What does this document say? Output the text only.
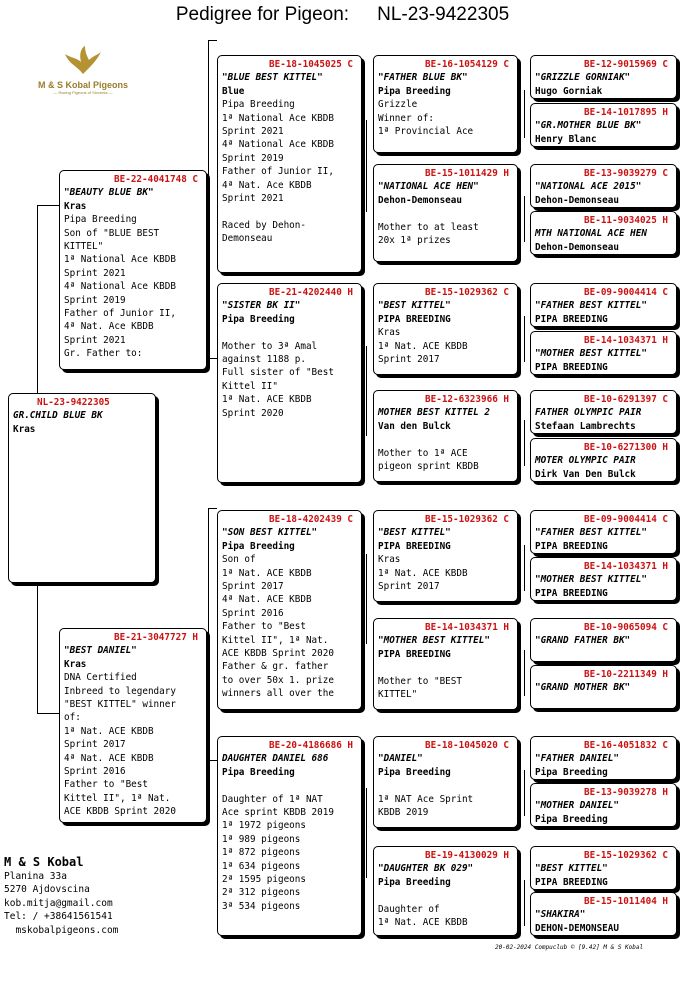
Pedigree for Pigeon: NL-23-9422305
M & S Kobal Pigeons
— Racing Pigeons of Slovenia —
NL-23-9422305
GR.CHILD BLUE BK
Kras
BE-22-4041748 C
"BEAUTY BLUE BK"
Kras
Pipa Breeding
Son of "BLUE BEST
KITTEL"
1ª National Ace KBDB
Sprint 2021
4ª National Ace KBDB
Sprint 2019
Father of Junior II,
4ª Nat. Ace KBDB
Sprint 2021
Gr. Father to:
BE-21-3047727 H
"BEST DANIEL"
Kras
DNA Certified
Inbreed to legendary
"BEST KITTEL" winner
of:
1ª Nat. ACE KBDB
Sprint 2017
4ª Nat. ACE KBDB
Sprint 2016
Father to "Best
Kittel II", 1ª Nat.
ACE KBDB Sprint 2020
BE-18-1045025 C
"BLUE BEST KITTEL"
Blue
Pipa Breeding
1ª National Ace KBDB
Sprint 2021
4ª National Ace KBDB
Sprint 2019
Father of Junior II,
4ª Nat. Ace KBDB
Sprint 2021
Raced by Dehon-
Demonseau
BE-21-4202440 H
"SISTER BK II"
Pipa Breeding
Mother to 3ª Amal
against 1188 p.
Full sister of "Best
Kittel II"
1ª Nat. ACE KBDB
Sprint 2020
BE-18-4202439 C
"SON BEST KITTEL"
Pipa Breeding
Son of
1ª Nat. ACE KBDB
Sprint 2017
4ª Nat. ACE KBDB
Sprint 2016
Father to "Best
Kittel II", 1ª Nat.
ACE KBDB Sprint 2020
Father & gr. father
to over 50x 1. prize
winners all over the
BE-20-4186686 H
DAUGHTER DANIEL 686
Pipa Breeding
Daughter of 1ª NAT
Ace sprint KBDB 2019
1ª 1972 pigeons
1ª 989 pigeons
1ª 872 pigeons
1ª 634 pigeons
2ª 1595 pigeons
2ª 312 pigeons
3ª 534 pigeons
BE-16-1054129 C
"FATHER BLUE BK"
Pipa Breeding
Grizzle
Winner of:
1ª Provincial Ace
BE-15-1011429 H
"NATIONAL ACE HEN"
Dehon-Demonseau
Mother to at least
20x 1ª prizes
BE-15-1029362 C
"BEST KITTEL"
PIPA BREEDING
Kras
1ª Nat. ACE KBDB
Sprint 2017
BE-12-6323966 H
MOTHER BEST KITTEL 2
Van den Bulck
Mother to 1ª ACE
pigeon sprint KBDB
BE-15-1029362 C
"BEST KITTEL"
PIPA BREEDING
Kras
1ª Nat. ACE KBDB
Sprint 2017
BE-14-1034371 H
"MOTHER BEST KITTEL"
PIPA BREEDING
Mother to "BEST
KITTEL"
BE-18-1045020 C
"DANIEL"
Pipa Breeding
1ª NAT Ace Sprint
KBDB 2019
BE-19-4130029 H
"DAUGHTER BK 029"
Pipa Breeding
Daughter of
1ª Nat. ACE KBDB
BE-12-9015969 C
"GRIZZLE GORNIAK"
Hugo Gorniak
BE-14-1017895 H
"GR.MOTHER BLUE BK"
Henry Blanc
BE-13-9039279 C
"NATIONAL ACE 2015"
Dehon-Demonseau
BE-11-9034025 H
MTH NATIONAL ACE HEN
Dehon-Demonseau
BE-09-9004414 C
"FATHER BEST KITTEL"
PIPA BREEDING
BE-14-1034371 H
"MOTHER BEST KITTEL"
PIPA BREEDING
BE-10-6291397 C
FATHER OLYMPIC PAIR
Stefaan Lambrechts
BE-10-6271300 H
MOTER OLYMPIC PAIR
Dirk Van Den Bulck
BE-09-9004414 C
"FATHER BEST KITTEL"
PIPA BREEDING
BE-14-1034371 H
"MOTHER BEST KITTEL"
PIPA BREEDING
BE-10-9065094 C
"GRAND FATHER BK"
BE-10-2211349 H
"GRAND MOTHER BK"
BE-16-4051832 C
"FATHER DANIEL"
Pipa Breeding
BE-13-9039278 H
"MOTHER DANIEL"
Pipa Breeding
BE-15-1029362 C
"BEST KITTEL"
PIPA BREEDING
BE-15-1011404 H
"SHAKIRA"
DEHON-DEMONSEAU
M & S Kobal
Planina 33a
5270 Ajdovscina
kob.mitja@gmail.com
Tel: / +38641561541
mskobalpigeons.com
20-02-2024 Compuclub © [9.42] M & S Kobal
